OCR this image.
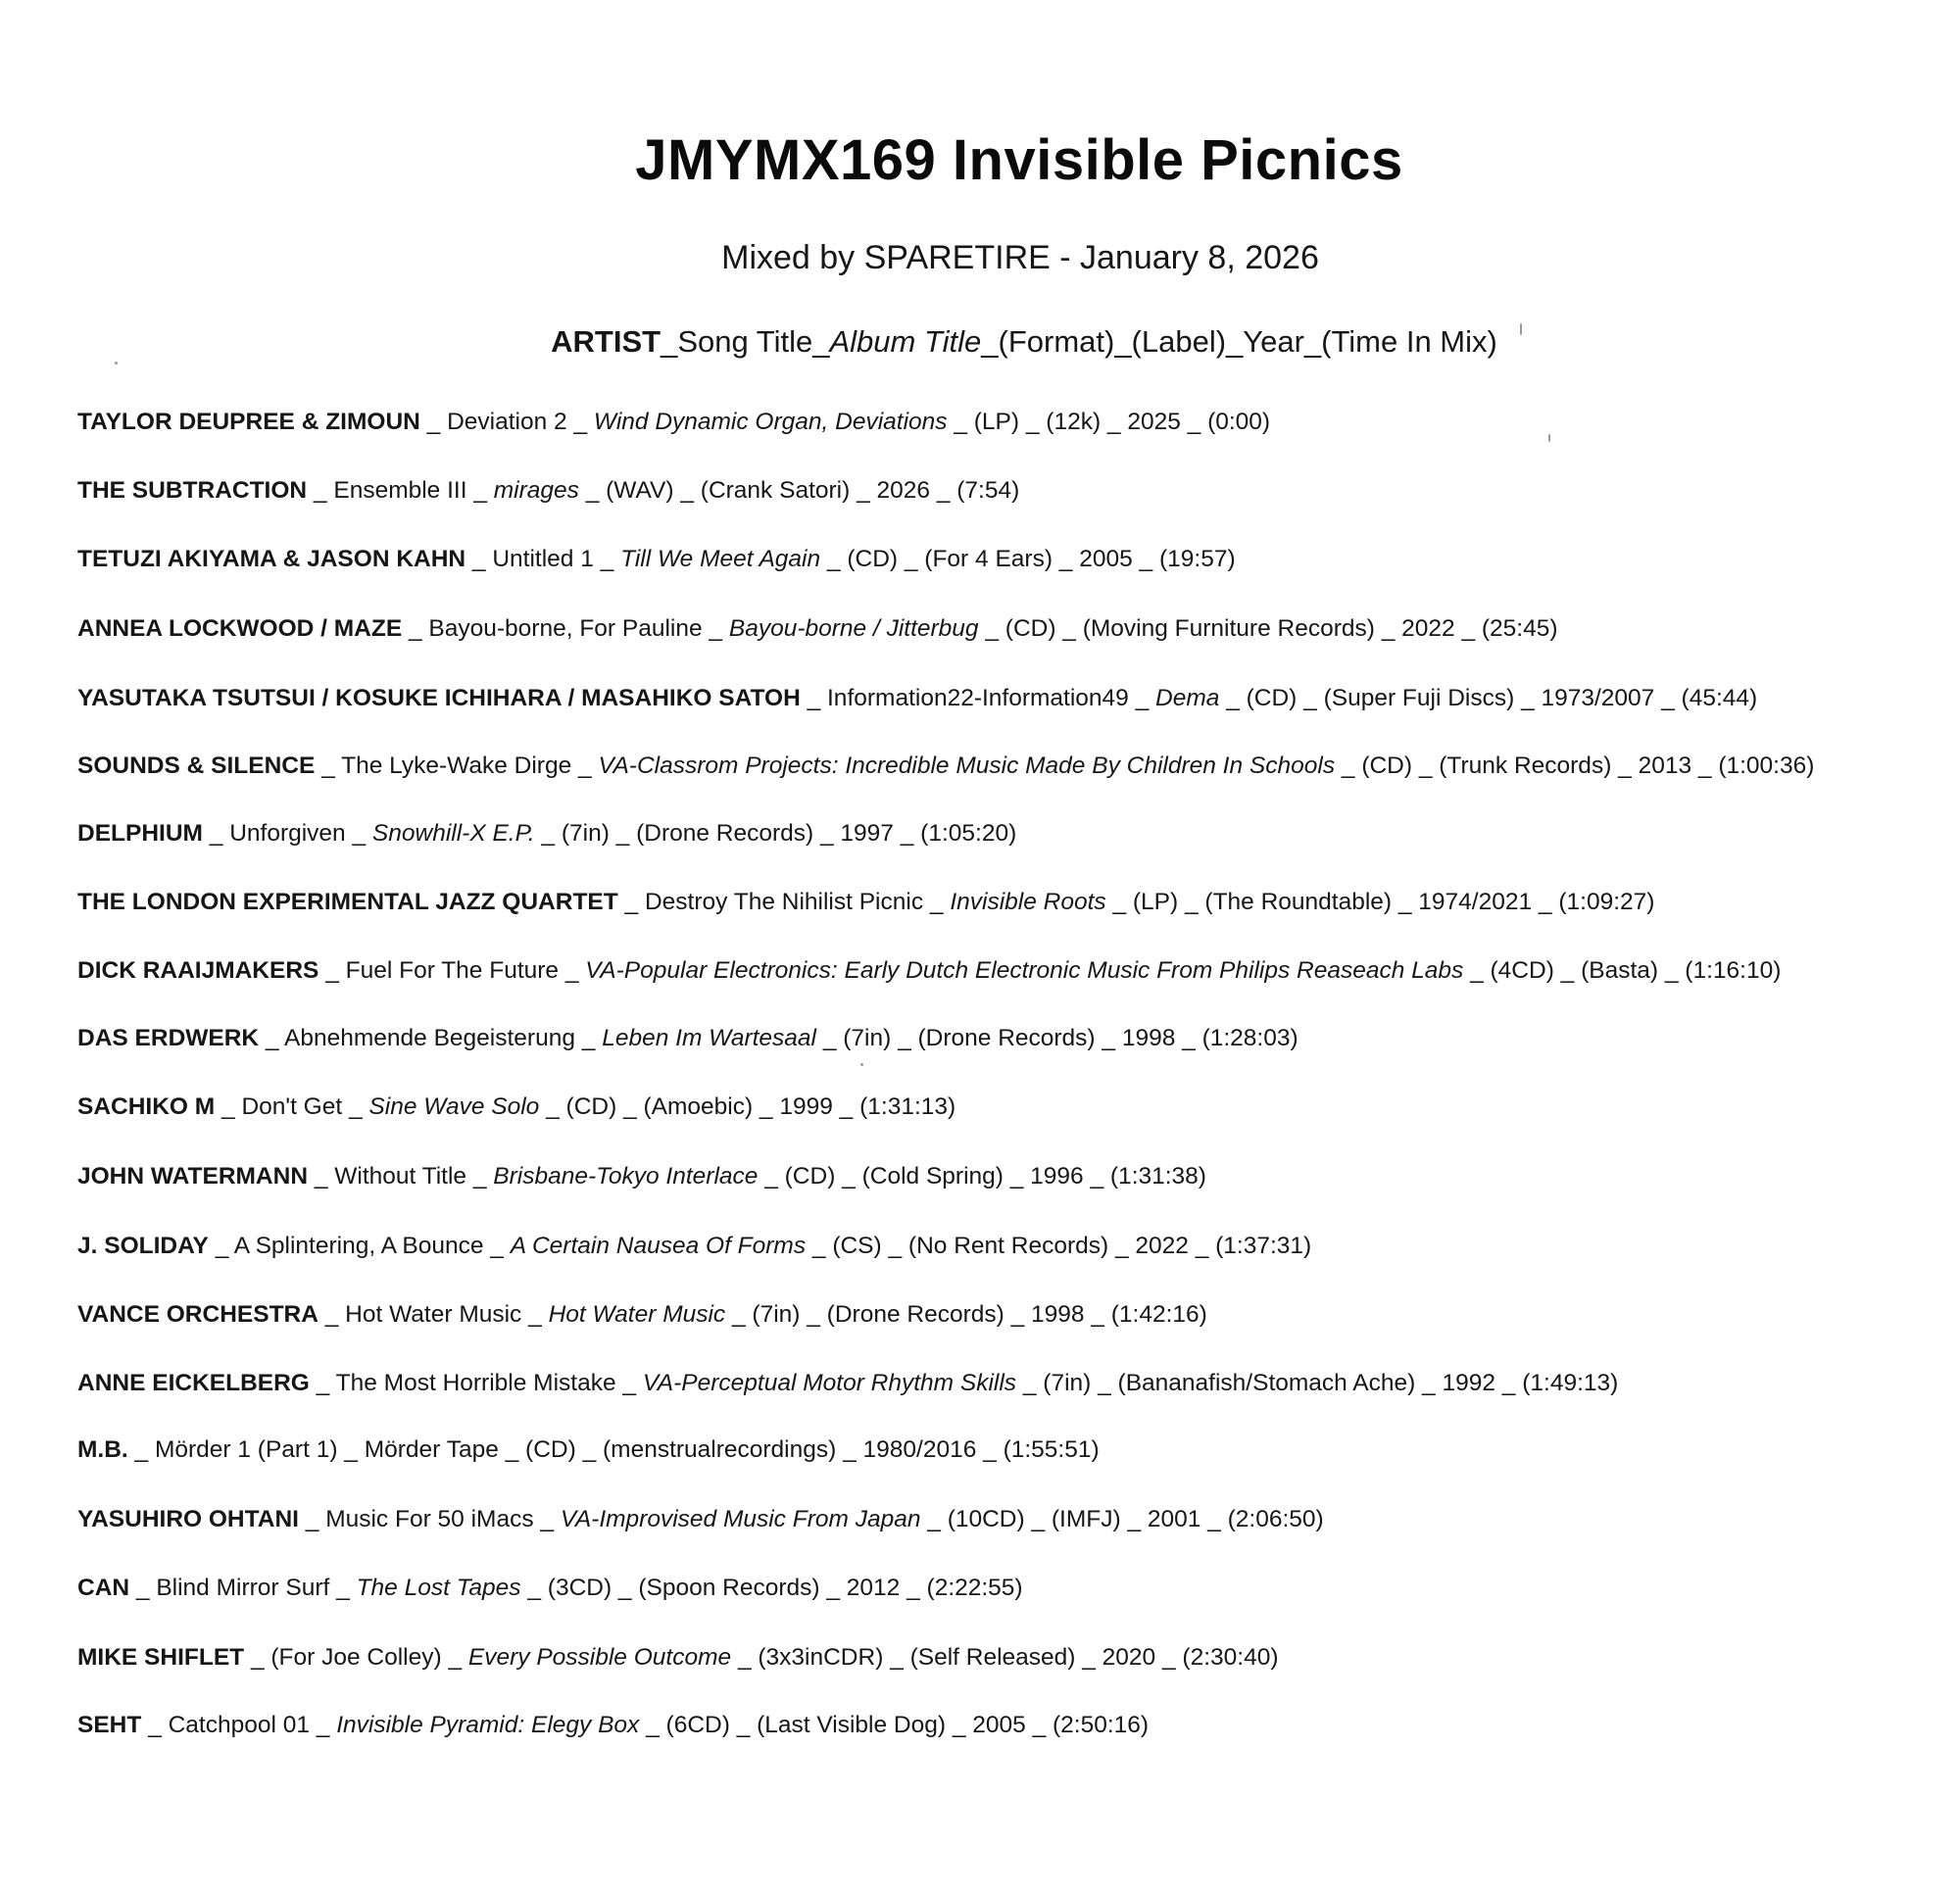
JMYMX169 Invisible Picnics
Mixed by SPARETIRE - January 8, 2026
ARTIST_Song Title_Album Title_(Format)_(Label)_Year_(Time In Mix)
TAYLOR DEUPREE & ZIMOUN _ Deviation 2 _ Wind Dynamic Organ, Deviations _ (LP) _ (12k) _ 2025 _ (0:00)
THE SUBTRACTION _ Ensemble III _ mirages _ (WAV) _ (Crank Satori) _ 2026 _ (7:54)
TETUZI AKIYAMA & JASON KAHN _ Untitled 1 _ Till We Meet Again _ (CD) _ (For 4 Ears) _ 2005 _ (19:57)
ANNEA LOCKWOOD / MAZE _ Bayou-borne, For Pauline _ Bayou-borne / Jitterbug _ (CD) _ (Moving Furniture Records) _ 2022 _ (25:45)
YASUTAKA TSUTSUI / KOSUKE ICHIHARA / MASAHIKO SATOH _ Information22-Information49 _ Dema _ (CD) _ (Super Fuji Discs) _ 1973/2007 _ (45:44)
SOUNDS & SILENCE _ The Lyke-Wake Dirge _ VA-Classrom Projects: Incredible Music Made By Children In Schools _ (CD) _ (Trunk Records) _ 2013 _ (1:00:36)
DELPHIUM _ Unforgiven _ Snowhill-X E.P. _ (7in) _ (Drone Records) _ 1997 _ (1:05:20)
THE LONDON EXPERIMENTAL JAZZ QUARTET _ Destroy The Nihilist Picnic _ Invisible Roots _ (LP) _ (The Roundtable) _ 1974/2021 _ (1:09:27)
DICK RAAIJMAKERS _ Fuel For The Future _ VA-Popular Electronics: Early Dutch Electronic Music From Philips Reaseach Labs _ (4CD) _ (Basta) _ (1:16:10)
DAS ERDWERK _ Abnehmende Begeisterung _ Leben Im Wartesaal _ (7in) _ (Drone Records) _ 1998 _ (1:28:03)
SACHIKO M _ Don't Get _ Sine Wave Solo _ (CD) _ (Amoebic) _ 1999 _ (1:31:13)
JOHN WATERMANN _ Without Title _ Brisbane-Tokyo Interlace _ (CD) _ (Cold Spring) _ 1996 _ (1:31:38)
J. SOLIDAY _ A Splintering, A Bounce _ A Certain Nausea Of Forms _ (CS) _ (No Rent Records) _ 2022 _ (1:37:31)
VANCE ORCHESTRA _ Hot Water Music _ Hot Water Music _ (7in) _ (Drone Records) _ 1998 _ (1:42:16)
ANNE EICKELBERG _ The Most Horrible Mistake _ VA-Perceptual Motor Rhythm Skills _ (7in) _ (Bananafish/Stomach Ache) _ 1992 _ (1:49:13)
M.B. _ Mörder 1 (Part 1) _ Mörder Tape _ (CD) _ (menstrualrecordings) _ 1980/2016 _ (1:55:51)
YASUHIRO OHTANI _ Music For 50 iMacs _ VA-Improvised Music From Japan _ (10CD) _ (IMFJ) _ 2001 _ (2:06:50)
CAN _ Blind Mirror Surf _ The Lost Tapes _ (3CD) _ (Spoon Records) _ 2012 _ (2:22:55)
MIKE SHIFLET _ (For Joe Colley) _ Every Possible Outcome _ (3x3inCDR) _ (Self Released) _ 2020 _ (2:30:40)
SEHT _ Catchpool 01 _ Invisible Pyramid: Elegy Box _ (6CD) _ (Last Visible Dog) _ 2005 _ (2:50:16)
